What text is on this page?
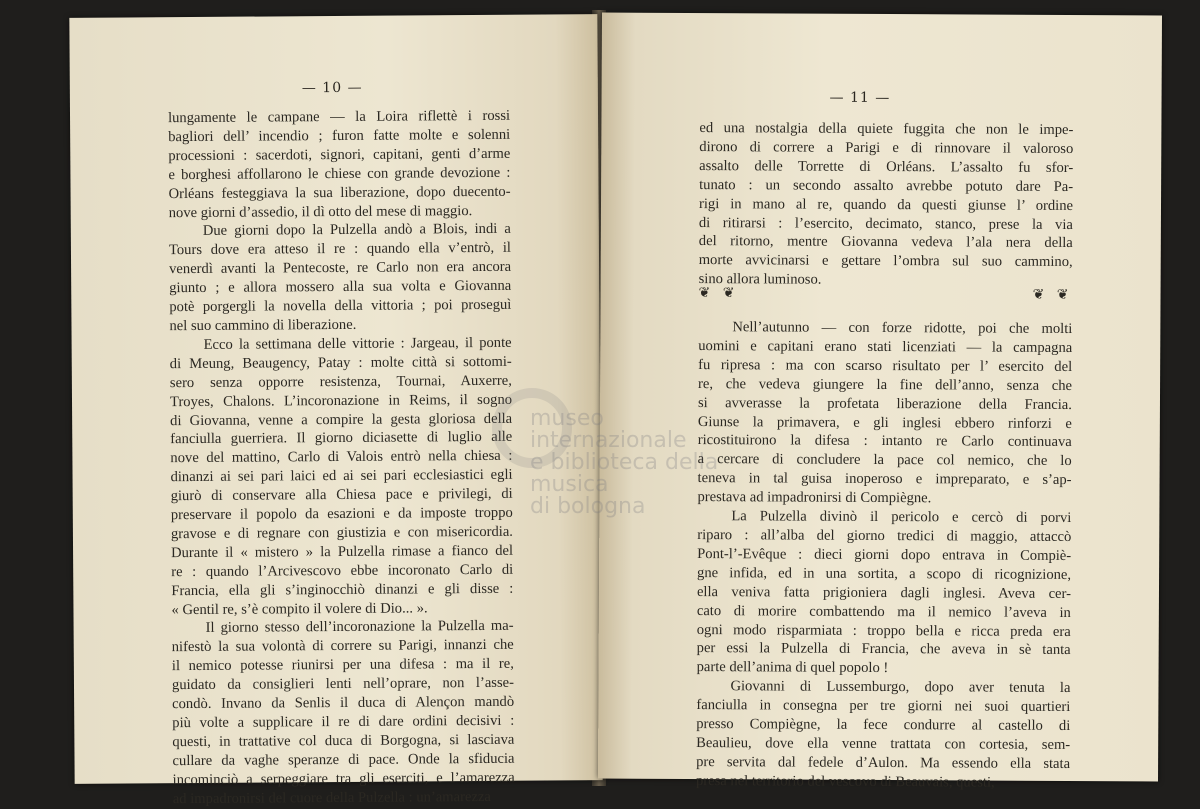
— 10 —
lungamente le campane — la Loira riflettè i rossi
bagliori dell’ incendio ; furon fatte molte e solenni
processioni : sacerdoti, signori, capitani, genti d’arme
e borghesi affollarono le chiese con grande devozione :
Orléans festeggiava la sua liberazione, dopo duecento-
nove giorni d’assedio, il dì otto del mese di maggio.
Due giorni dopo la Pulzella andò a Blois, indi a
Tours dove era atteso il re : quando ella v’entrò, il
venerdì avanti la Pentecoste, re Carlo non era ancora
giunto ; e allora mossero alla sua volta e Giovanna
potè porgergli la novella della vittoria ; poi proseguì
nel suo cammino di liberazione.
Ecco la settimana delle vittorie : Jargeau, il ponte
di Meung, Beaugency, Patay : molte città si sottomi-
sero senza opporre resistenza, Tournai, Auxerre,
Troyes, Chalons. L’incoronazione in Reims, il sogno
di Giovanna, venne a compire la gesta gloriosa della
fanciulla guerriera. Il giorno diciasette di luglio alle
nove del mattino, Carlo di Valois entrò nella chiesa :
dinanzi ai sei pari laici ed ai sei pari ecclesiastici egli
giurò di conservare alla Chiesa pace e privilegi, di
preservare il popolo da esazioni e da imposte troppo
gravose e di regnare con giustizia e con misericordia.
Durante il « mistero » la Pulzella rimase a fianco del
re : quando l’Arcivescovo ebbe incoronato Carlo di
Francia, ella gli s’inginocchiò dinanzi e gli disse :
« Gentil re, s’è compito il volere di Dio... ».
Il giorno stesso dell’incoronazione la Pulzella ma-
nifestò la sua volontà di correre su Parigi, innanzi che
il nemico potesse riunirsi per una difesa : ma il re,
guidato da consiglieri lenti nell’oprare, non l’asse-
condò. Invano da Senlis il duca di Alençon mandò
più volte a supplicare il re di dare ordini decisivi :
questi, in trattative col duca di Borgogna, si lasciava
cullare da vaghe speranze di pace. Onde la sfiducia
incominciò a serpeggiare tra gli eserciti, e l’amarezza
ad impadronirsi del cuore della Pulzella : un’amarezza
— 11 —
ed una nostalgia della quiete fuggita che non le impe-
dirono di correre a Parigi e di rinnovare il valoroso
assalto delle Torrette di Orléans. L’assalto fu sfor-
tunato : un secondo assalto avrebbe potuto dare Pa-
rigi in mano al re, quando da questi giunse l’ ordine
di ritirarsi : l’esercito, decimato, stanco, prese la via
del ritorno, mentre Giovanna vedeva l’ala nera della
morte avvicinarsi e gettare l’ombra sul suo cammino,
sino allora luminoso.
❦ ❦	❦ ❦
Nell’autunno — con forze ridotte, poi che molti
uomini e capitani erano stati licenziati — la campagna
fu ripresa : ma con scarso risultato per l’ esercito del
re, che vedeva giungere la fine dell’anno, senza che
si avverasse la profetata liberazione della Francia.
Giunse la primavera, e gli inglesi ebbero rinforzi e
ricostituirono la difesa : intanto re Carlo continuava
a cercare di concludere la pace col nemico, che lo
teneva in tal guisa inoperoso e impreparato, e s’ap-
prestava ad impadronirsi di Compiègne.
La Pulzella divinò il pericolo e cercò di porvi
riparo : all’alba del giorno tredici di maggio, attaccò
Pont-l’-Evêque : dieci giorni dopo entrava in Compiè-
gne infida, ed in una sortita, a scopo di ricognizione,
ella veniva fatta prigioniera dagli inglesi. Aveva cer-
cato di morire combattendo ma il nemico l’aveva in
ogni modo risparmiata : troppo bella e ricca preda era
per essi la Pulzella di Francia, che aveva in sè tanta
parte dell’anima di quel popolo !
Giovanni di Lussemburgo, dopo aver tenuta la
fanciulla in consegna per tre giorni nei suoi quartieri
presso Compiègne, la fece condurre al castello di
Beaulieu, dove ella venne trattata con cortesia, sem-
pre servita dal fedele d’Aulon. Ma essendo ella stata
presa nel territorio del vescovo di Beauvais, questi,
museo internazionale
e biblioteca della musica
di bologna
